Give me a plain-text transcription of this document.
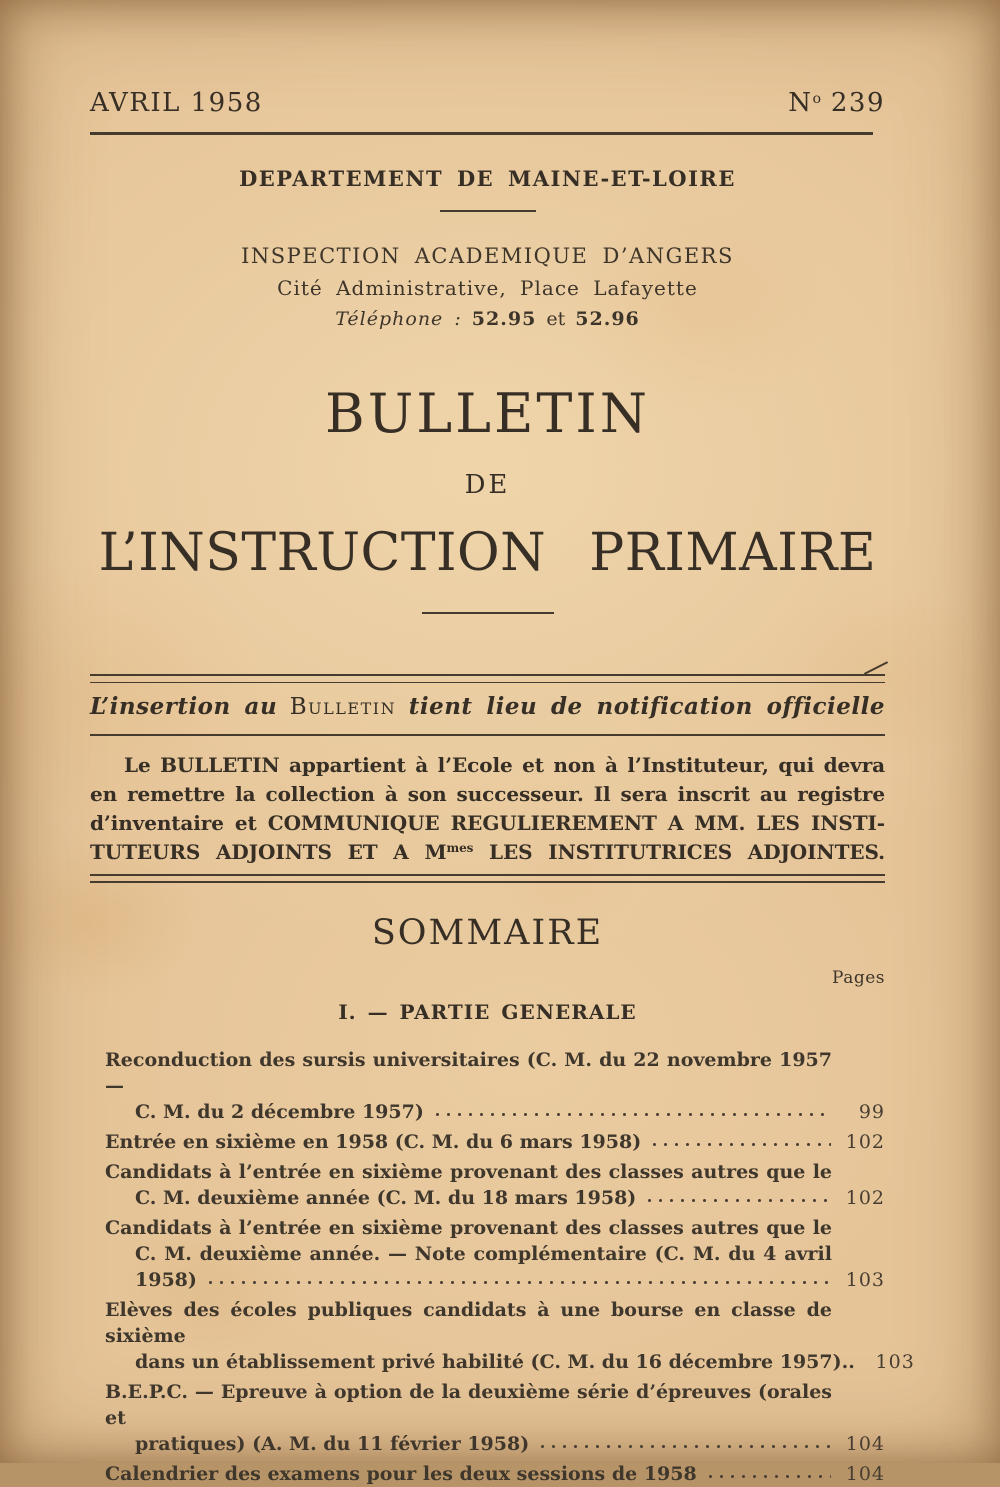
AVRIL 1958	$N^o$ 239
DEPARTEMENT DE MAINE-ET-LOIRE
INSPECTION ACADEMIQUE D’ANGERS
Cité Administrative, Place Lafayette
Téléphone : 52.95 et 52.96
BULLETIN
DE
L’INSTRUCTION PRIMAIRE
L’insertion au Bulletin tient lieu de notification officielle
Le BULLETIN appartient à l’Ecole et non à l’Instituteur, qui devra
en remettre la collection à son successeur. Il sera inscrit au registre
d’inventaire et COMMUNIQUE REGULIEREMENT A MM. LES INSTI-
TUTEURS ADJOINTS ET A $M^{mes}$ LES INSTITUTRICES ADJOINTES.
SOMMAIRE
Pages
I. — PARTIE GENERALE
Reconduction des sursis universitaires (C. M. du 22 novembre 1957 —
C. M. du 2 décembre 1957)	99
Entrée en sixième en 1958 (C. M. du 6 mars 1958)	102
Candidats à l’entrée en sixième provenant des classes autres que le
C. M. deuxième année (C. M. du 18 mars 1958)	102
Candidats à l’entrée en sixième provenant des classes autres que le
C. M. deuxième année. — Note complémentaire (C. M. du 4 avril
1958)	103
Elèves des écoles publiques candidats à une bourse en classe de sixième
dans un établissement privé habilité (C. M. du 16 décembre 1957)..	103
B.E.P.C. — Epreuve à option de la deuxième série d’épreuves (orales et
pratiques) (A. M. du 11 février 1958)	104
Calendrier des examens pour les deux sessions de 1958	104
